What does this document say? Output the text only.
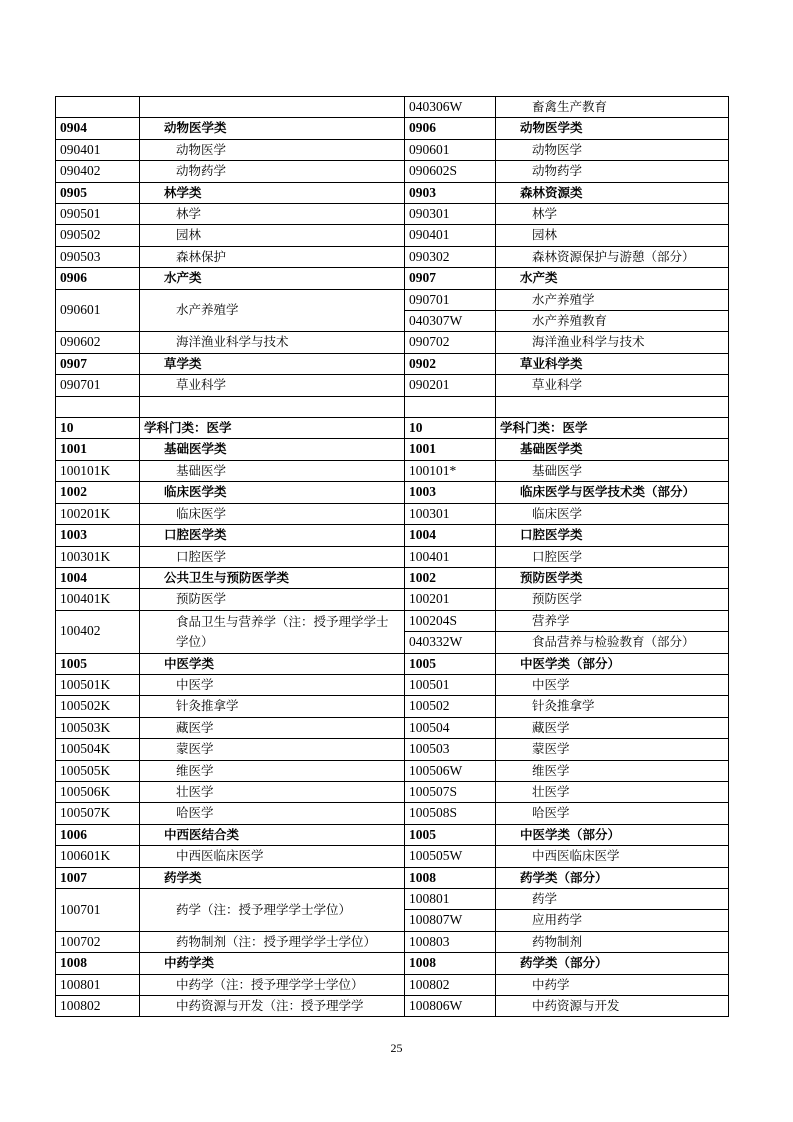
		040306W	畜禽生产教育
0904	动物医学类	0906	动物医学类
090401	动物医学	090601	动物医学
090402	动物药学	090602S	动物药学
0905	林学类	0903	森林资源类
090501	林学	090301	林学
090502	园林	090401	园林
090503	森林保护	090302	森林资源保护与游憩（部分）
0906	水产类	0907	水产类
090601	水产养殖学	090701	水产养殖学
		040307W	水产养殖教育
090602	海洋渔业科学与技术	090702	海洋渔业科学与技术
0907	草学类	0902	草业科学类
090701	草业科学	090201	草业科学

10	学科门类：医学	10	学科门类：医学
1001	基础医学类	1001	基础医学类
100101K	基础医学	100101*	基础医学
1002	临床医学类	1003	临床医学与医学技术类（部分）
100201K	临床医学	100301	临床医学
1003	口腔医学类	1004	口腔医学类
100301K	口腔医学	100401	口腔医学
1004	公共卫生与预防医学类	1002	预防医学类
100401K	预防医学	100201	预防医学
100402	食品卫生与营养学（注：授予理学学士学位）	100204S	营养学
		040332W	食品营养与检验教育（部分）
1005	中医学类	1005	中医学类（部分）
100501K	中医学	100501	中医学
100502K	针灸推拿学	100502	针灸推拿学
100503K	藏医学	100504	藏医学
100504K	蒙医学	100503	蒙医学
100505K	维医学	100506W	维医学
100506K	壮医学	100507S	壮医学
100507K	哈医学	100508S	哈医学
1006	中西医结合类	1005	中医学类（部分）
100601K	中西医临床医学	100505W	中西医临床医学
1007	药学类	1008	药学类（部分）
100701	药学（注：授予理学学士学位）	100801	药学
		100807W	应用药学
100702	药物制剂（注：授予理学学士学位）	100803	药物制剂
1008	中药学类	1008	药学类（部分）
100801	中药学（注：授予理学学士学位）	100802	中药学
100802	中药资源与开发（注：授予理学学	100806W	中药资源与开发
25
